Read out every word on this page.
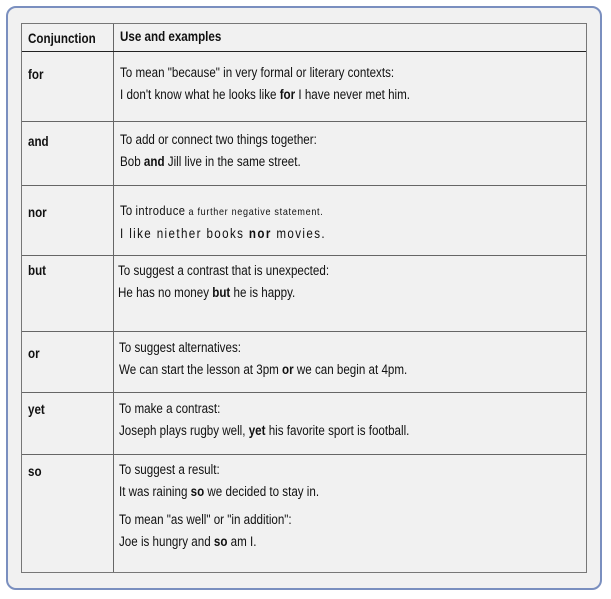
Conjunction Use and examples
for	To mean "because" in very formal or literary contexts:
I don't know what he looks like for I have never met him.
and	To add or connect two things together:
Bob and Jill live in the same street.
nor	To introduce a further negative statement.
I like niether books nor movies.
but	To suggest a contrast that is unexpected:
He has no money but he is happy.
or	To suggest alternatives:
We can start the lesson at 3pm or we can begin at 4pm.
yet	To make a contrast:
Joseph plays rugby well, yet his favorite sport is football.
so	To suggest a result:
It was raining so we decided to stay in.
To mean "as well" or "in addition":
Joe is hungry and so am I.
